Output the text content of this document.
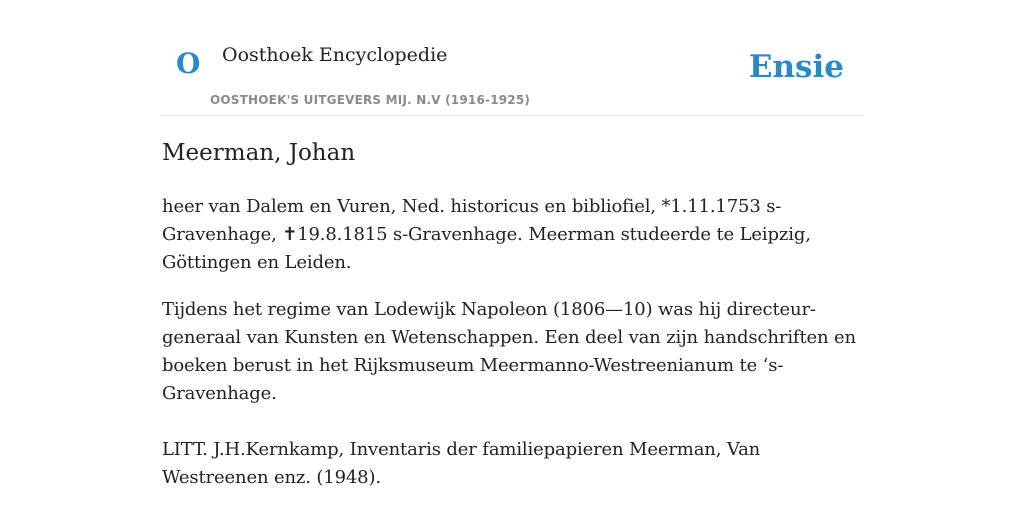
O Oosthoek Encyclopedie
OOSTHOEK'S UITGEVERS MIJ. N.V (1916-1925)
Ensie
Meerman, Johan

heer van Dalem en Vuren, Ned. historicus en bibliofiel, *1.11.1753 s-Gravenhage, ✝19.8.1815 s-Gravenhage. Meerman studeerde te Leipzig, Göttingen en Leiden.

Tijdens het regime van Lodewijk Napoleon (1806—10) was hij directeur-generaal van Kunsten en Wetenschappen. Een deel van zijn handschriften en boeken berust in het Rijksmuseum Meermanno-Westreenianum te ‘s-Gravenhage.

LITT. J.H.Kernkamp, Inventaris der familiepapieren Meerman, Van Westreenen enz. (1948).
